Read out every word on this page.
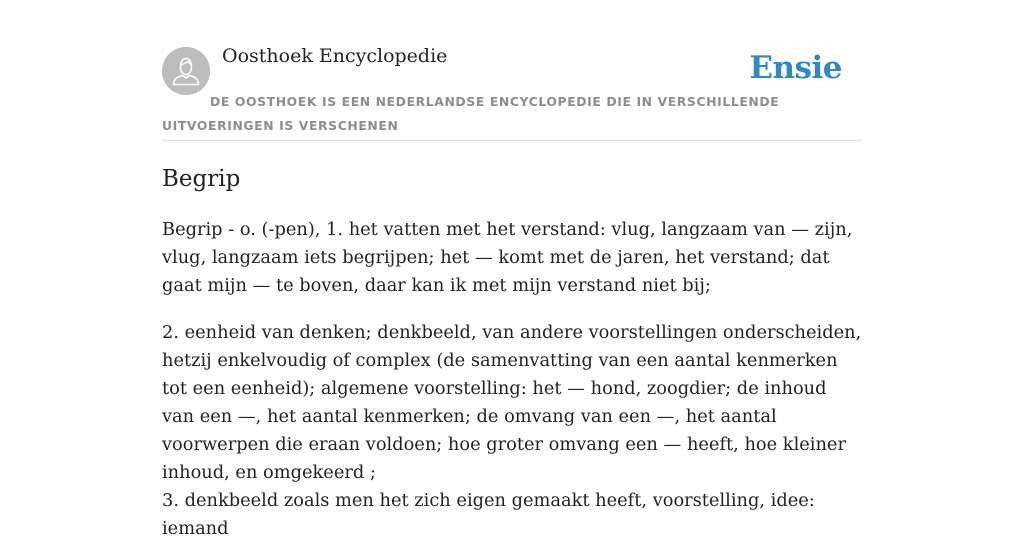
Oosthoek Encyclopedie	Ensie
DE OOSTHOEK IS EEN NEDERLANDSE ENCYCLOPEDIE DIE IN VERSCHILLENDE UITVOERINGEN IS VERSCHENEN
Begrip

Begrip - o. (-pen), 1. het vatten met het verstand: vlug, langzaam van — zijn, vlug, langzaam iets begrijpen; het — komt met de jaren, het verstand; dat gaat mijn — te boven, daar kan ik met mijn verstand niet bij;

2. eenheid van denken; denkbeeld, van andere voorstellingen onderscheiden, hetzij enkelvoudig of complex (de samenvatting van een aantal kenmerken tot een eenheid); algemene voorstelling: het — hond, zoogdier; de inhoud van een —, het aantal kenmerken; de omvang van een —, het aantal voorwerpen die eraan voldoen; hoe groter omvang een — heeft, hoe kleiner inhoud, en omgekeerd ;

3. denkbeeld zoals men het zich eigen gemaakt heeft, voorstelling, idee: iemand
